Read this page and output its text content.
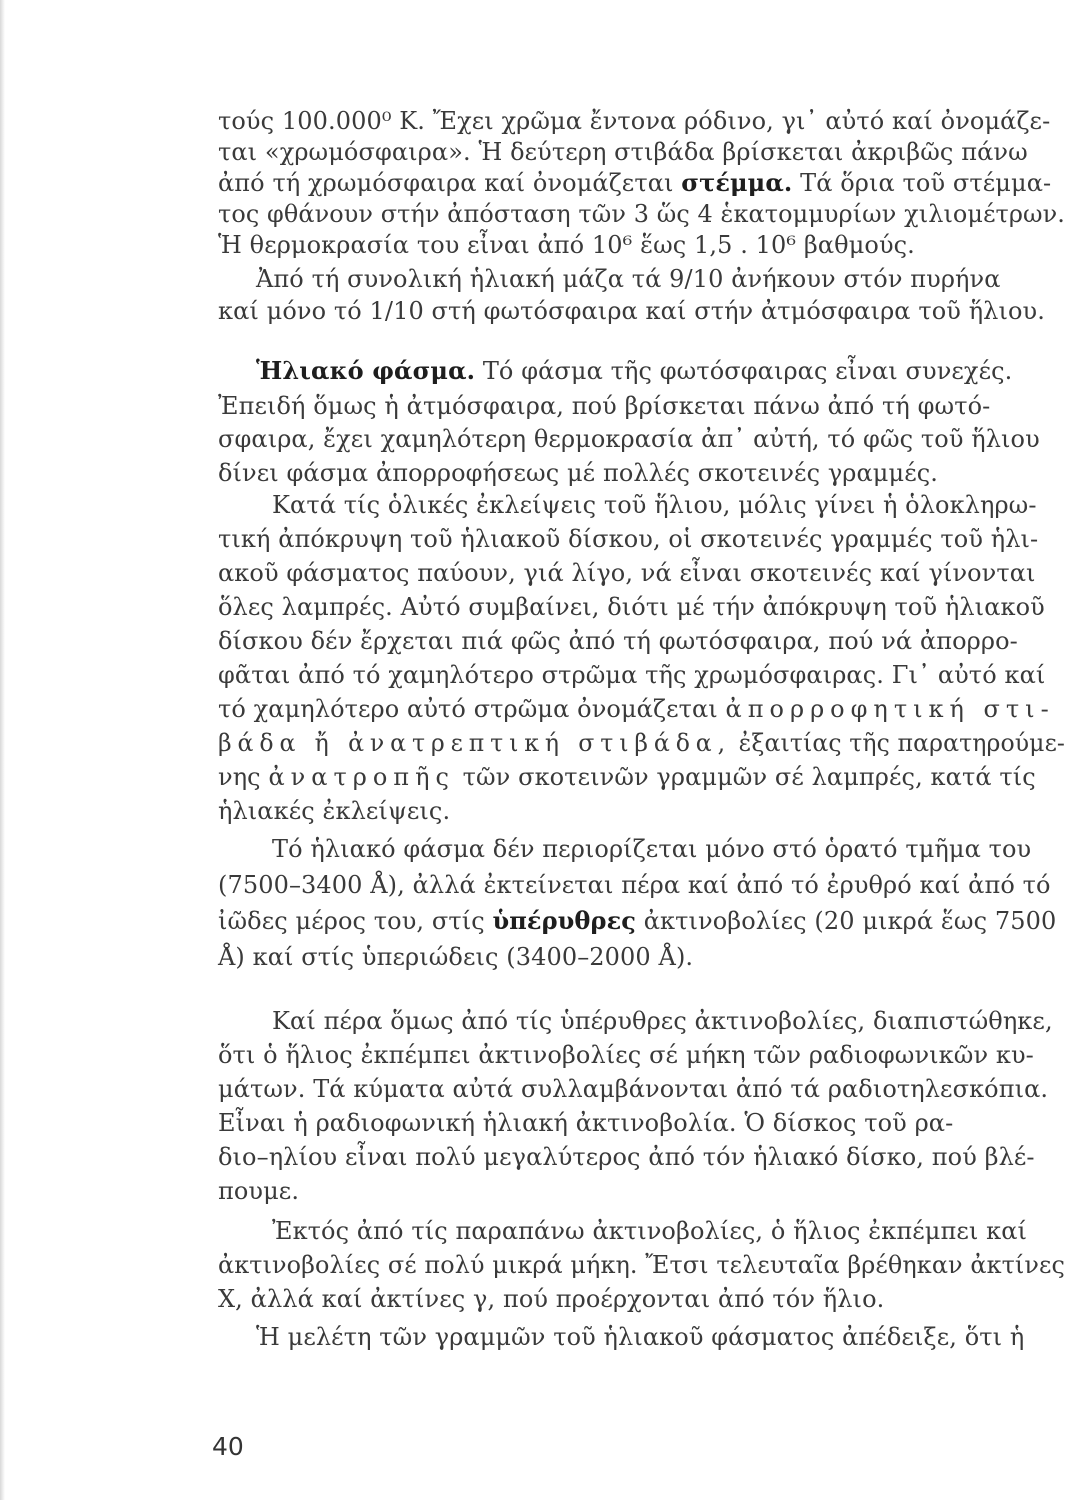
τούς 100.000⁰ Κ. Ἔχει χρῶμα ἔντονα ρόδινο, γι᾽ αὐτό καί ὀνομάζε-
ται «χρωμόσφαιρα». Ἡ δεύτερη στιβάδα βρίσκεται ἀκριβῶς πάνω
ἀπό τή χρωμόσφαιρα καί ὀνομάζεται στέμμα. Τά ὅρια τοῦ στέμμα-
τος φθάνουν στήν ἀπόσταση τῶν 3 ὥς 4 ἑκατομμυρίων χιλιομέτρων.
Ἡ θερμοκρασία του εἶναι ἀπό 10⁶ ἕως 1,5 . 10⁶ βαθμούς.
Ἀπό τή συνολική ἡλιακή μάζα τά 9/10 ἀνήκουν στόν πυρήνα
καί μόνο τό 1/10 στή φωτόσφαιρα καί στήν ἀτμόσφαιρα τοῦ ἥλιου.
Ἡλιακό φάσμα. Τό φάσμα τῆς φωτόσφαιρας εἶναι συνεχές.
Ἐπειδή ὅμως ἡ ἀτμόσφαιρα, πού βρίσκεται πάνω ἀπό τή φωτό-
σφαιρα, ἔχει χαμηλότερη θερμοκρασία ἀπ᾽ αὐτή, τό φῶς τοῦ ἥλιου
δίνει φάσμα ἀπορροφήσεως μέ πολλές σκοτεινές γραμμές.
Κατά τίς ὁλικές ἐκλείψεις τοῦ ἥλιου, μόλις γίνει ἡ ὁλοκληρω-
τική ἀπόκρυψη τοῦ ἡλιακοῦ δίσκου, οἱ σκοτεινές γραμμές τοῦ ἡλι-
ακοῦ φάσματος παύουν, γιά λίγο, νά εἶναι σκοτεινές καί γίνονται
ὅλες λαμπρές. Αὐτό συμβαίνει, διότι μέ τήν ἀπόκρυψη τοῦ ἡλιακοῦ
δίσκου δέν ἔρχεται πιά φῶς ἀπό τή φωτόσφαιρα, πού νά ἀπορρο-
φᾶται ἀπό τό χαμηλότερο στρῶμα τῆς χρωμόσφαιρας. Γι᾽ αὐτό καί
τό χαμηλότερο αὐτό στρῶμα ὀνομάζεται ἀπορροφητική στι-
βάδα ἤ ἀνατρεπτική στιβάδα, ἐξαιτίας τῆς παρατηρούμε-
νης ἀνατροπῆς τῶν σκοτεινῶν γραμμῶν σέ λαμπρές, κατά τίς
ἡλιακές ἐκλείψεις.
Τό ἡλιακό φάσμα δέν περιορίζεται μόνο στό ὁρατό τμῆμα του
(7500–3400 Å), ἀλλά ἐκτείνεται πέρα καί ἀπό τό ἐρυθρό καί ἀπό τό
ἰῶδες μέρος του, στίς ὑπέρυθρες ἀκτινοβολίες (20 μικρά ἕως 7500
Å) καί στίς ὑπεριώδεις (3400–2000 Å).
Καί πέρα ὅμως ἀπό τίς ὑπέρυθρες ἀκτινοβολίες, διαπιστώθηκε,
ὅτι ὁ ἥλιος ἐκπέμπει ἀκτινοβολίες σέ μήκη τῶν ραδιοφωνικῶν κυ-
μάτων. Τά κύματα αὐτά συλλαμβάνονται ἀπό τά ραδιοτηλεσκόπια.
Εἶναι ἡ ραδιοφωνική ἡλιακή ἀκτινοβολία. Ὁ δίσκος τοῦ ρα-
διο–ηλίου εἶναι πολύ μεγαλύτερος ἀπό τόν ἡλιακό δίσκο, πού βλέ-
πουμε.
Ἐκτός ἀπό τίς παραπάνω ἀκτινοβολίες, ὁ ἥλιος ἐκπέμπει καί
ἀκτινοβολίες σέ πολύ μικρά μήκη. Ἔτσι τελευταῖα βρέθηκαν ἀκτίνες
Χ, ἀλλά καί ἀκτίνες γ, πού προέρχονται ἀπό τόν ἥλιο.
Ἡ μελέτη τῶν γραμμῶν τοῦ ἡλιακοῦ φάσματος ἀπέδειξε, ὅτι ἡ
40
